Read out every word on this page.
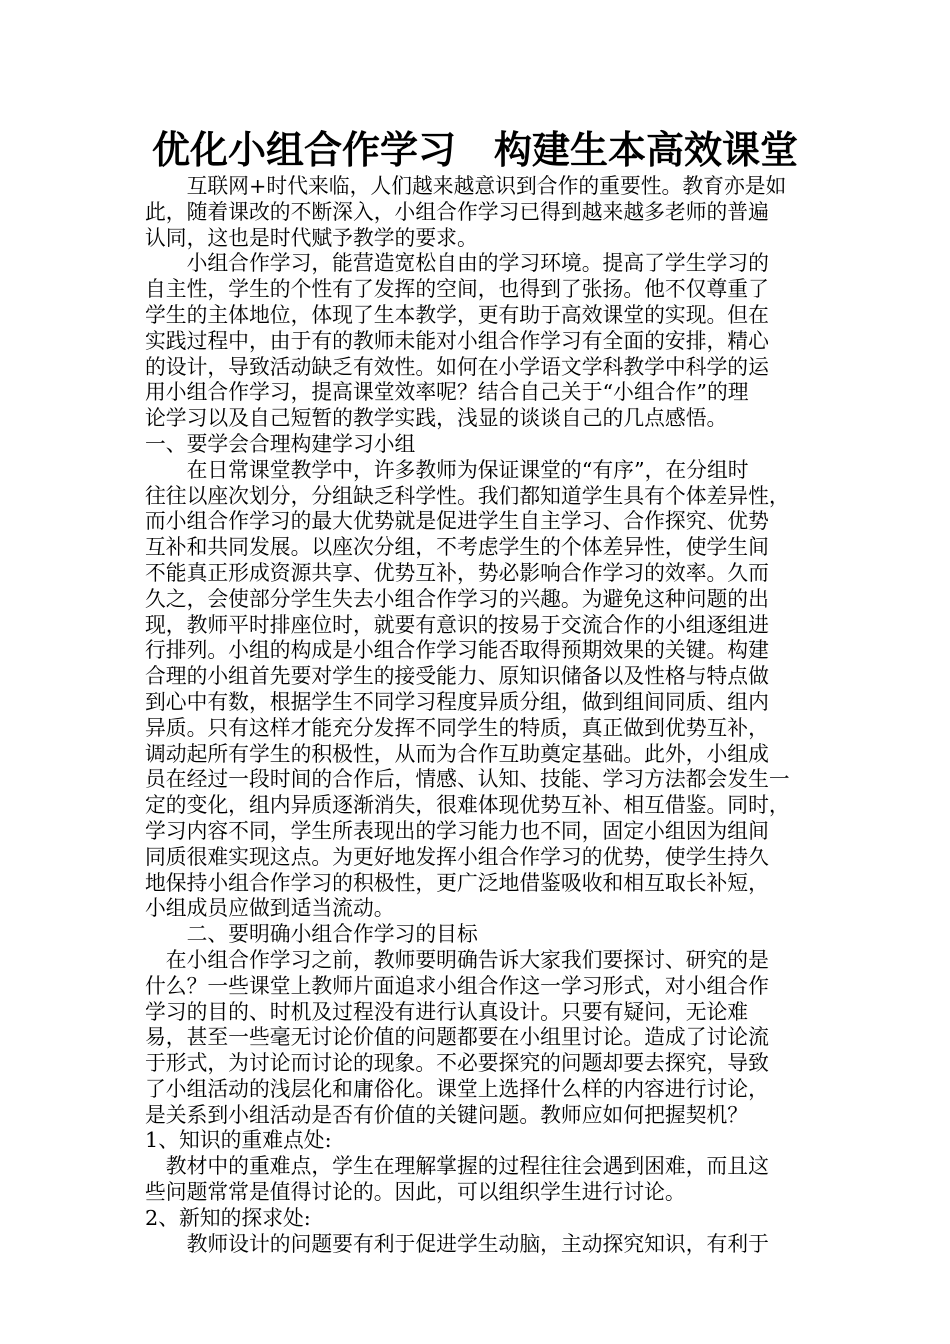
优化小组合作学习　构建生本高效课堂
　　互联网+时代来临，人们越来越意识到合作的重要性。教育亦是如
此，随着课改的不断深入，小组合作学习已得到越来越多老师的普遍
认同，这也是时代赋予教学的要求。
　　小组合作学习，能营造宽松自由的学习环境。提高了学生学习的
自主性，学生的个性有了发挥的空间，也得到了张扬。他不仅尊重了
学生的主体地位，体现了生本教学，更有助于高效课堂的实现。但在
实践过程中，由于有的教师未能对小组合作学习有全面的安排，精心
的设计，导致活动缺乏有效性。如何在小学语文学科教学中科学的运
用小组合作学习，提高课堂效率呢？结合自己关于“小组合作”的理
论学习以及自己短暂的教学实践，浅显的谈谈自己的几点感悟。
一、要学会合理构建学习小组
　　在日常课堂教学中，许多教师为保证课堂的“有序”，在分组时
往往以座次划分，分组缺乏科学性。我们都知道学生具有个体差异性，
而小组合作学习的最大优势就是促进学生自主学习、合作探究、优势
互补和共同发展。以座次分组，不考虑学生的个体差异性，使学生间
不能真正形成资源共享、优势互补，势必影响合作学习的效率。久而
久之，会使部分学生失去小组合作学习的兴趣。为避免这种问题的出
现，教师平时排座位时，就要有意识的按易于交流合作的小组逐组进
行排列。小组的构成是小组合作学习能否取得预期效果的关键。构建
合理的小组首先要对学生的接受能力、原知识储备以及性格与特点做
到心中有数，根据学生不同学习程度异质分组，做到组间同质、组内
异质。只有这样才能充分发挥不同学生的特质，真正做到优势互补，
调动起所有学生的积极性，从而为合作互助奠定基础。此外，小组成
员在经过一段时间的合作后，情感、认知、技能、学习方法都会发生一
定的变化，组内异质逐渐消失，很难体现优势互补、相互借鉴。同时，
学习内容不同，学生所表现出的学习能力也不同，固定小组因为组间
同质很难实现这点。为更好地发挥小组合作学习的优势，使学生持久
地保持小组合作学习的积极性，更广泛地借鉴吸收和相互取长补短，
小组成员应做到适当流动。
　　二、要明确小组合作学习的目标
　在小组合作学习之前，教师要明确告诉大家我们要探讨、研究的是
什么？一些课堂上教师片面追求小组合作这一学习形式，对小组合作
学习的目的、时机及过程没有进行认真设计。只要有疑问，无论难
易，甚至一些毫无讨论价值的问题都要在小组里讨论。造成了讨论流
于形式，为讨论而讨论的现象。不必要探究的问题却要去探究，导致
了小组活动的浅层化和庸俗化。课堂上选择什么样的内容进行讨论，
是关系到小组活动是否有价值的关键问题。教师应如何把握契机？
1、知识的重难点处:
　教材中的重难点，学生在理解掌握的过程往往会遇到困难，而且这
些问题常常是值得讨论的。因此，可以组织学生进行讨论。
2、新知的探求处:
　　教师设计的问题要有利于促进学生动脑，主动探究知识，有利于
